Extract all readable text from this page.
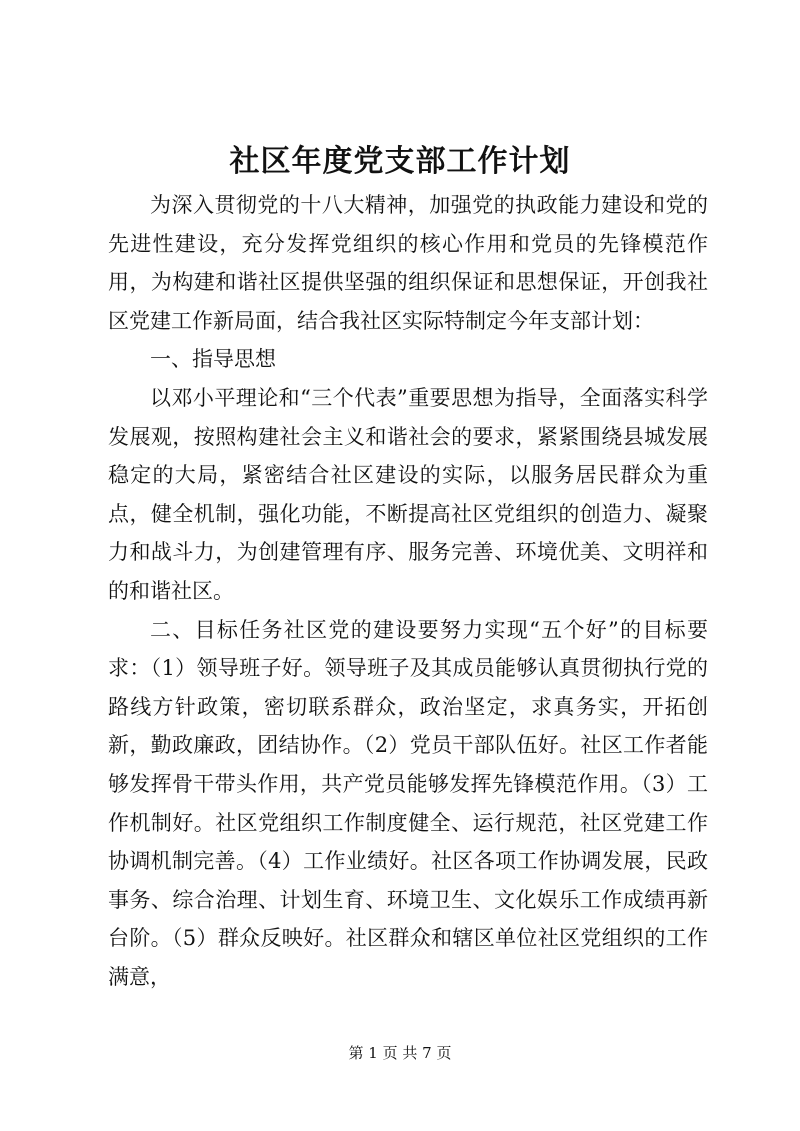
社区年度党支部工作计划

为深入贯彻党的十八大精神，加强党的执政能力建设和党的先进性建设，充分发挥党组织的核心作用和党员的先锋模范作用，为构建和谐社区提供坚强的组织保证和思想保证，开创我社区党建工作新局面，结合我社区实际特制定今年支部计划：

一、指导思想

以邓小平理论和“三个代表”重要思想为指导，全面落实科学发展观，按照构建社会主义和谐社会的要求，紧紧围绕县城发展稳定的大局，紧密结合社区建设的实际，以服务居民群众为重点，健全机制，强化功能，不断提高社区党组织的创造力、凝聚力和战斗力，为创建管理有序、服务完善、环境优美、文明祥和的和谐社区。

二、目标任务社区党的建设要努力实现“五个好”的目标要求：（1）领导班子好。领导班子及其成员能够认真贯彻执行党的路线方针政策，密切联系群众，政治坚定，求真务实，开拓创新，勤政廉政，团结协作。（2）党员干部队伍好。社区工作者能够发挥骨干带头作用，共产党员能够发挥先锋模范作用。（3）工作机制好。社区党组织工作制度健全、运行规范，社区党建工作协调机制完善。（4）工作业绩好。社区各项工作协调发展，民政事务、综合治理、计划生育、环境卫生、文化娱乐工作成绩再新台阶。（5）群众反映好。社区群众和辖区单位社区党组织的工作满意，

第 1 页 共 7 页
